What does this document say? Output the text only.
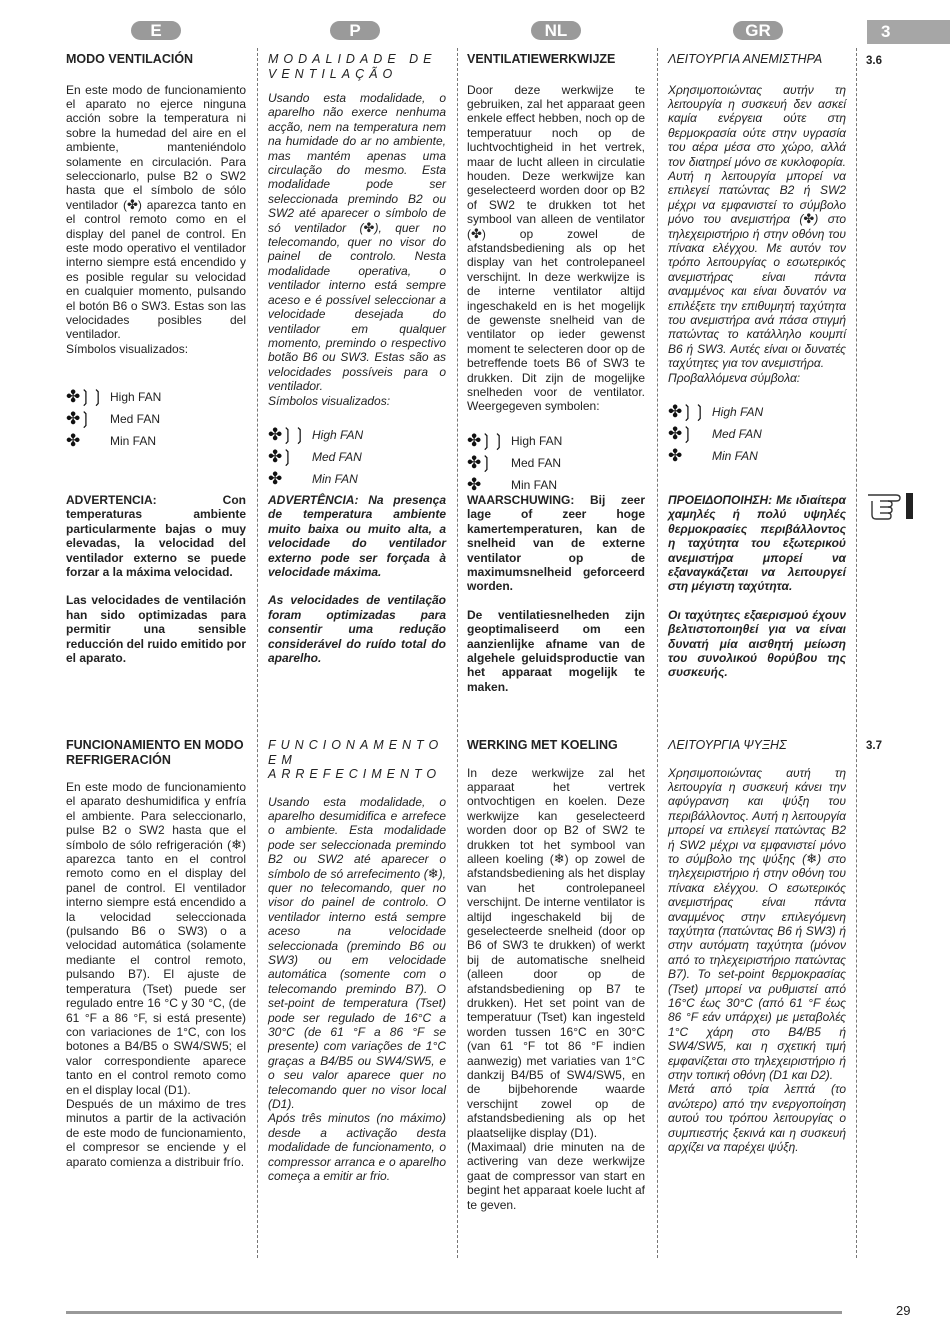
E	P	NL	GR	3
3.6
3.7

MODO VENTILACIÓN

En este modo de funcionamiento el aparato no ejerce ninguna acción sobre la temperatura ni sobre la humedad del aire en el ambiente, manteniéndolo solamente en circulación. Para seleccionarlo, pulse B2 o SW2 hasta que el símbolo de sólo ventilador (✤) aparezca tanto en el control remoto como en el display del panel de control. En este modo operativo el ventilador interno siempre está encendido y es posible regular su velocidad en cualquier momento, pulsando el botón B6 o SW3. Estas son las velocidades posibles del ventilador.

Símbolos visualizados:

✤❳❳ High FAN
✤❳	Med FAN
✤	Min FAN

ADVERTENCIA: Con temperaturas ambiente particularmente bajas o muy elevadas, la velocidad del ventilador externo se puede forzar a la máxima velocidad.

Las velocidades de ventilación han sido optimizadas para permitir una sensible reducción del ruido emitido por el aparato.

FUNCIONAMIENTO EN MODO REFRIGERACIÓN

En este modo de funcionamiento el aparato deshumidifica y enfría el ambiente. Para seleccionarlo, pulse B2 o SW2 hasta que el símbolo de sólo refrigeración (❄) aparezca tanto en el control remoto como en el display del panel de control. El ventilador interno siempre está encendido a la velocidad seleccionada (pulsando B6 o SW3) o a velocidad automática (solamente mediante el control remoto, pulsando B7). El ajuste de temperatura (Tset) puede ser regulado entre 16 °C y 30 °C, (de 61 °F a 86 °F, si está presente) con variaciones de 1°C, con los botones a B4/B5 o SW4/SW5; el valor correspondiente aparece tanto en el control remoto como en el display local (D1).

Después de un máximo de tres minutos a partir de la activación de este modo de funcionamiento, el compresor se enciende y el aparato comienza a distribuir frío.

MODALIDADE DE VENTILAÇÃO

Usando esta modalidade, o aparelho não exerce nenhuma acção, nem na temperatura nem na humidade do ar no ambiente, mas mantém apenas uma circulação do mesmo. Esta modalidade pode ser seleccionada premindo B2 ou SW2 até aparecer o símbolo de só ventilador (✤), quer no telecomando, quer no visor do painel de controlo. Nesta modalidade operativa, o ventilador interno está sempre aceso e é possível seleccionar a velocidade desejada do ventilador em qualquer momento, premindo o respectivo botão B6 ou SW3. Estas são as velocidades possíveis para o ventilador.

Símbolos visualizados:

✤❳❳ High FAN
✤❳	Med FAN
✤	Min FAN

ADVERTÊNCIA: Na presença de temperatura ambiente muito baixa ou muito alta, a velocidade do ventilador externo pode ser forçada à velocidade máxima.

As velocidades de ventilação foram optimizadas para consentir uma redução considerável do ruído total do aparelho.

FUNCIONAMENTO EM ARREFECIMENTO

Usando esta modalidade, o aparelho desumidifica e arrefece o ambiente. Esta modalidade pode ser seleccionada premindo B2 ou SW2 até aparecer o símbolo de só arrefecimento (❄), quer no telecomando, quer no visor do painel de controlo. O ventilador interno está sempre aceso na velocidade seleccionada (premindo B6 ou SW3) ou em velocidade automática (somente com o telecomando premindo B7). O set-point de temperatura (Tset) pode ser regulado de 16°C a 30°C (de 61 °F a 86 °F se presente) com variações de 1°C graças a B4/B5 ou SW4/SW5, e o seu valor aparece quer no telecomando quer no visor local (D1).

Após três minutos (no máximo) desde a activação desta modalidade de funcionamento, o compressor arranca e o aparelho começa a emitir ar frio.

VENTILATIEWERKWIJZE

Door deze werkwijze te gebruiken, zal het apparaat geen enkele effect hebben, noch op de temperatuur noch op de luchtvochtigheid in het vertrek, maar de lucht alleen in circulatie houden. Deze werkwijze kan geselecteerd worden door op B2 of SW2 te drukken tot het symbool van alleen de ventilator (✤) op zowel de afstandsbediening als op het display van het controlepaneel verschijnt. In deze werkwijze is de interne ventilator altijd ingeschakeld en is het mogelijk de gewenste snelheid van de ventilator op ieder gewenst moment te selecteren door op de betreffende toets B6 of SW3 te drukken. Dit zijn de mogelijke snelheden voor de ventilator. Weergegeven symbolen:

✤❳❳ High FAN
✤❳	Med FAN
✤	Min FAN

WAARSCHUWING: Bij zeer lage of zeer hoge kamertemperaturen, kan de snelheid van de externe ventilator op de maximumsnelheid geforceerd worden.

De ventilatiesnelheden zijn geoptimaliseerd om een aanzienlijke afname van de algehele geluidsproductie van het apparaat mogelijk te maken.

WERKING MET KOELING

In deze werkwijze zal het apparaat het vertrek ontvochtigen en koelen. Deze werkwijze kan geselecteerd worden door op B2 of SW2 te drukken tot het symbool van alleen koeling (❄) op zowel de afstandsbediening als het display van het controlepaneel verschijnt. De interne ventilator is altijd ingeschakeld bij de geselecteerde snelheid (door op B6 of SW3 te drukken) of werkt bij de automatische snelheid (alleen door op de afstandsbediening op B7 te drukken). Het set point van de temperatuur (Tset) kan ingesteld worden tussen 16°C en 30°C (van 61 °F tot 86 °F indien aanwezig) met variaties van 1°C dankzij B4/B5 of SW4/SW5, en de bijbehorende waarde verschijnt zowel op de afstandsbediening als op het plaatselijke display (D1).

(Maximaal) drie minuten na de activering van deze werkwijze gaat de compressor van start en begint het apparaat koele lucht af te geven.

ΛΕΙΤΟΥΡΓΙΑ ΑΝΕΜΙΣΤΗΡΑ

Χρησιμοποιώντας αυτήν τη λειτουργία η συσκευή δεν ασκεί καμία ενέργεια ούτε στη θερμοκρασία ούτε στην υγρασία του αέρα μέσα στο χώρο, αλλά τον διατηρεί μόνο σε κυκλοφορία. Αυτή η λειτουργία μπορεί να επιλεγεί πατώντας B2 ή SW2 μέχρι να εμφανιστεί το σύμβολο μόνο του ανεμιστήρα (✤) στο τηλεχειριστήριο ή στην οθόνη του πίνακα ελέγχου. Με αυτόν τον τρόπο λειτουργίας ο εσωτερικός ανεμιστήρας είναι πάντα αναμμένος και είναι δυνατόν να επιλέξετε την επιθυμητή ταχύτητα του ανεμιστήρα ανά πάσα στιγμή πατώντας το κατάλληλο κουμπί B6 ή SW3. Αυτές είναι οι δυνατές ταχύτητες για τον ανεμιστήρα.

Προβαλλόμενα σύμβολα:

✤❳❳ High FAN
✤❳	Med FAN
✤	Min FAN

ΠΡΟΕΙΔΟΠΟΙΗΣΗ: Με ιδιαίτερα χαμηλές ή πολύ υψηλές θερμοκρασίες περιβάλλοντος η ταχύτητα του εξωτερικού ανεμιστήρα μπορεί να εξαναγκάζεται να λειτουργεί στη μέγιστη ταχύτητα.

Οι ταχύτητες εξαερισμού έχουν βελτιστοποιηθεί για να είναι δυνατή μία αισθητή μείωση του συνολικού θορύβου της συσκευής.

ΛΕΙΤΟΥΡΓΙΑ ΨΥΞΗΣ

Χρησιμοποιώντας αυτή τη λειτουργία η συσκευή κάνει την αφύγρανση και ψύξη του περιβάλλοντος. Αυτή η λειτουργία μπορεί να επιλεγεί πατώντας B2 ή SW2 μέχρι να εμφανιστεί μόνο το σύμβολο της ψύξης (❄) στο τηλεχειριστήριο ή στην οθόνη του πίνακα ελέγχου. Ο εσωτερικός ανεμιστήρας είναι πάντα αναμμένος στην επιλεγόμενη ταχύτητα (πατώντας B6 ή SW3) ή στην αυτόματη ταχύτητα (μόνον από το τηλεχειριστήριο πατώντας B7). Το set-point θερμοκρασίας (Tset) μπορεί να ρυθμιστεί από 16°C έως 30°C (από 61 °F έως 86 °F εάν υπάρχει) με μεταβολές 1°C χάρη στο B4/B5 ή SW4/SW5, και η σχετική τιμή εμφανίζεται στο τηλεχειριστήριο ή στην τοπική οθόνη (D1 και D2).

Μετά από τρία λεπτά (το ανώτερο) από την ενεργοποίηση αυτού του τρόπου λειτουργίας ο συμπιεστής ξεκινά και η συσκευή αρχίζει να παρέχει ψύξη.

29
